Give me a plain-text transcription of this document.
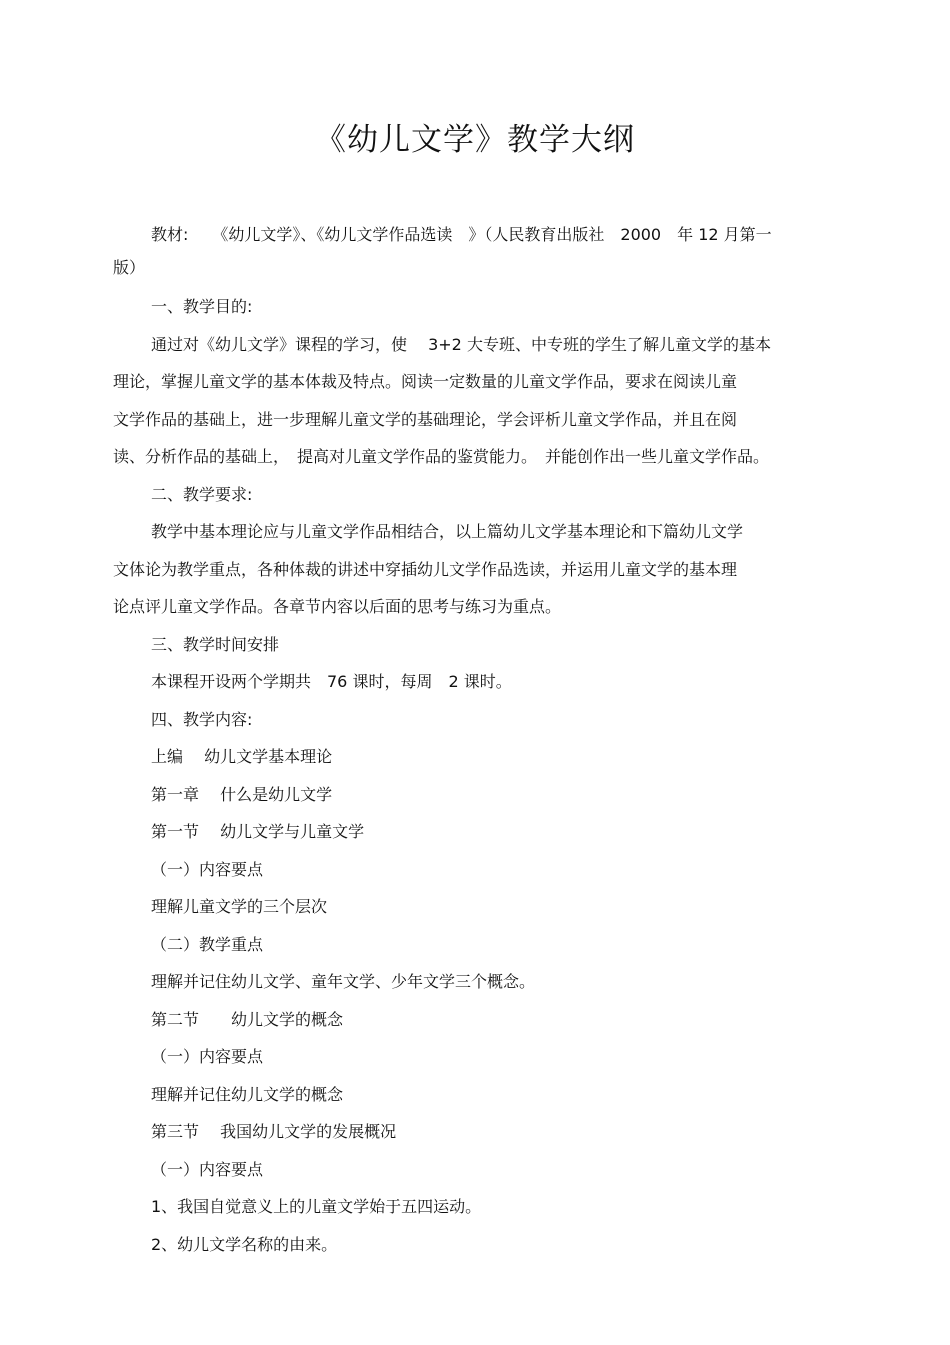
《幼儿文学》教学大纲

教材:　　《幼儿文学》、《幼儿文学作品选读　》（人民教育出版社　2000　年 12 月第一
版）

一、教学目的:

通过对《幼儿文学》课程的学习，使　 3+2 大专班、中专班的学生了解儿童文学的基本
理论，掌握儿童文学的基本体裁及特点。阅读一定数量的儿童文学作品，要求在阅读儿童
文学作品的基础上，进一步理解儿童文学的基础理论，学会评析儿童文学作品，并且在阅
读、分析作品的基础上，　提高对儿童文学作品的鉴赏能力。　并能创作出一些儿童文学作品。

二、教学要求:

教学中基本理论应与儿童文学作品相结合，以上篇幼儿文学基本理论和下篇幼儿文学
文体论为教学重点，各种体裁的讲述中穿插幼儿文学作品选读，并运用儿童文学的基本理
论点评儿童文学作品。各章节内容以后面的思考与练习为重点。

三、教学时间安排

本课程开设两个学期共　76 课时，每周　2 课时。

四、教学内容:

上编　 幼儿文学基本理论

第一章　 什么是幼儿文学

第一节　 幼儿文学与儿童文学

（一）内容要点

理解儿童文学的三个层次

（二）教学重点

理解并记住幼儿文学、童年文学、少年文学三个概念。

第二节　　幼儿文学的概念

（一）内容要点

理解并记住幼儿文学的概念

第三节　 我国幼儿文学的发展概况

（一）内容要点

1、我国自觉意义上的儿童文学始于五四运动。

2、幼儿文学名称的由来。
